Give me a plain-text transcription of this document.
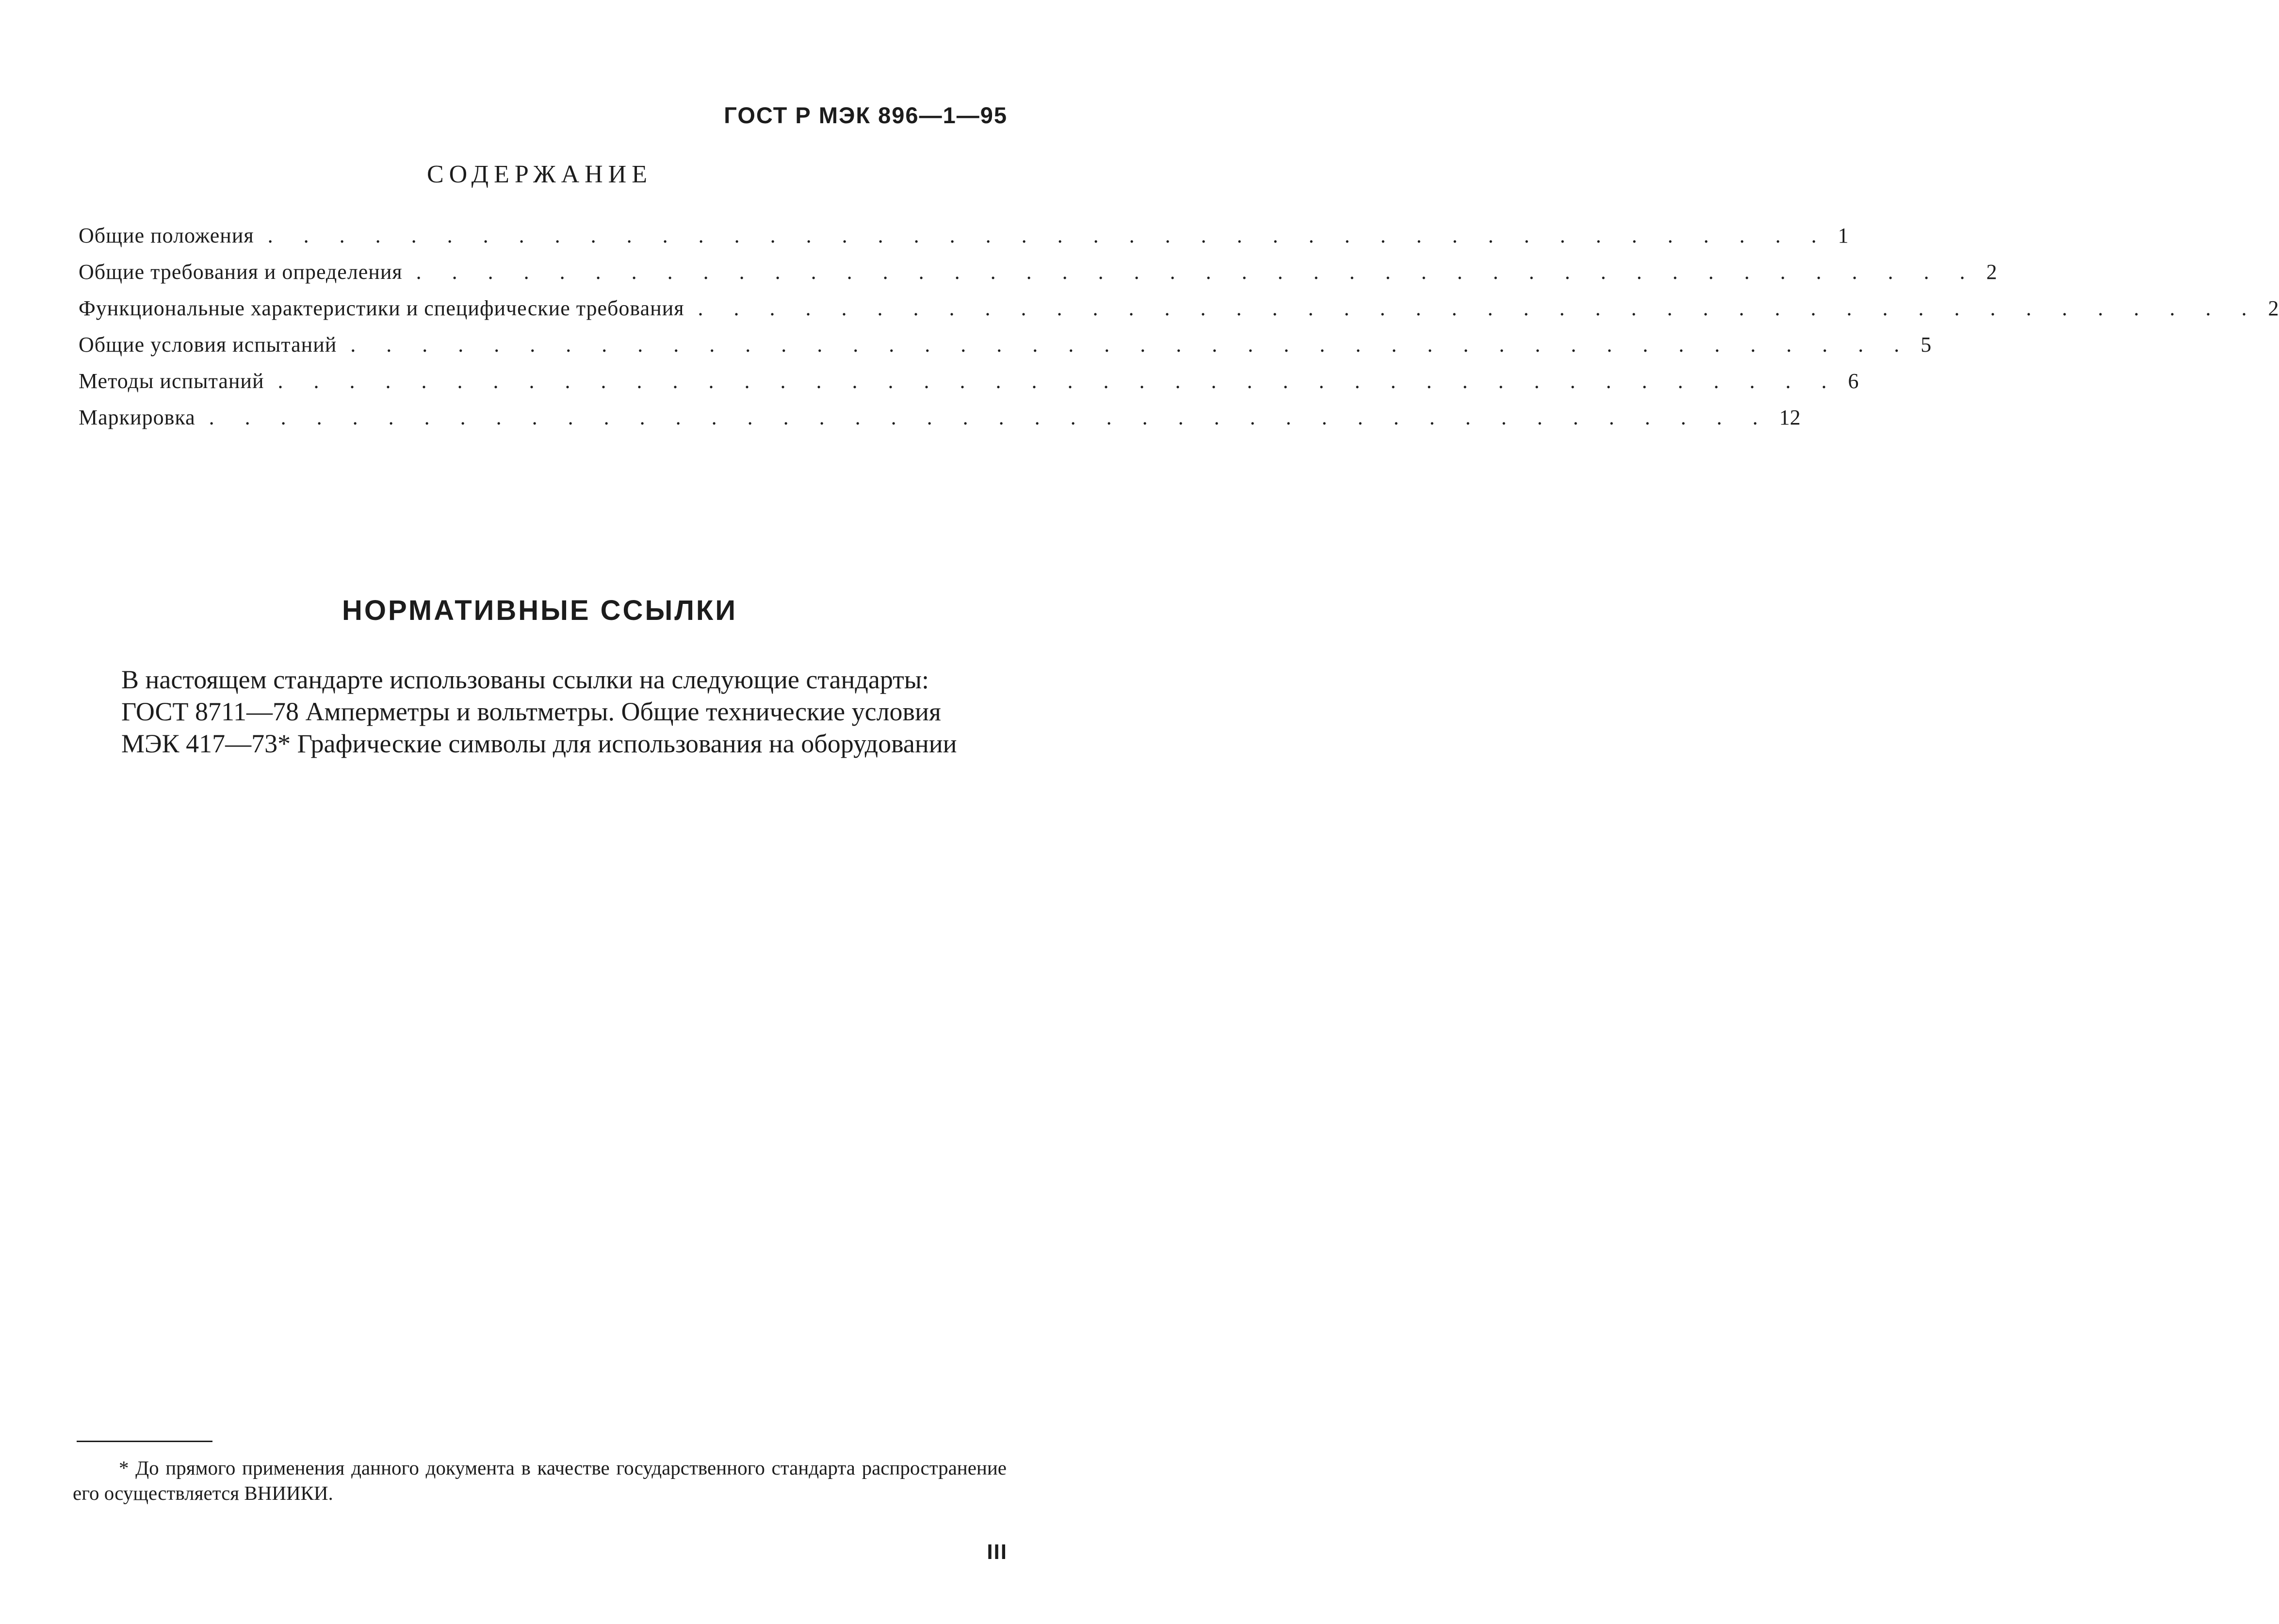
ГОСТ Р МЭК 896—1—95
СОДЕРЖАНИЕ
Общие положения . . . . . . . . . . . . . . . . . . . . . . . . . . . . . . . . . . . . . . . . . . . . 1
Общие требования и определения . . . . . . . . . . . . . . . . . . . . . . . . . . . . . . . . . . . . . . . . . . . . 2
Функциональные характеристики и специфические требования . . . . . . . . . . . . . . . . . . . . . . . . . . . . . . . . . . . . . . . . . . . . 2
Общие условия испытаний . . . . . . . . . . . . . . . . . . . . . . . . . . . . . . . . . . . . . . . . . . . . 5
Методы испытаний . . . . . . . . . . . . . . . . . . . . . . . . . . . . . . . . . . . . . . . . . . . . 6
Маркировка . . . . . . . . . . . . . . . . . . . . . . . . . . . . . . . . . . . . . . . . . . . . 12
НОРМАТИВНЫЕ ССЫЛКИ

В настоящем стандарте использованы ссылки на следующие стандарты:

ГОСТ 8711—78 Амперметры и вольтметры. Общие технические условия

МЭК 417—73* Графические символы для использования на оборудовании

* До прямого применения данного документа в качестве государственного стандарта распространение его осуществляется ВНИИКИ.
III
